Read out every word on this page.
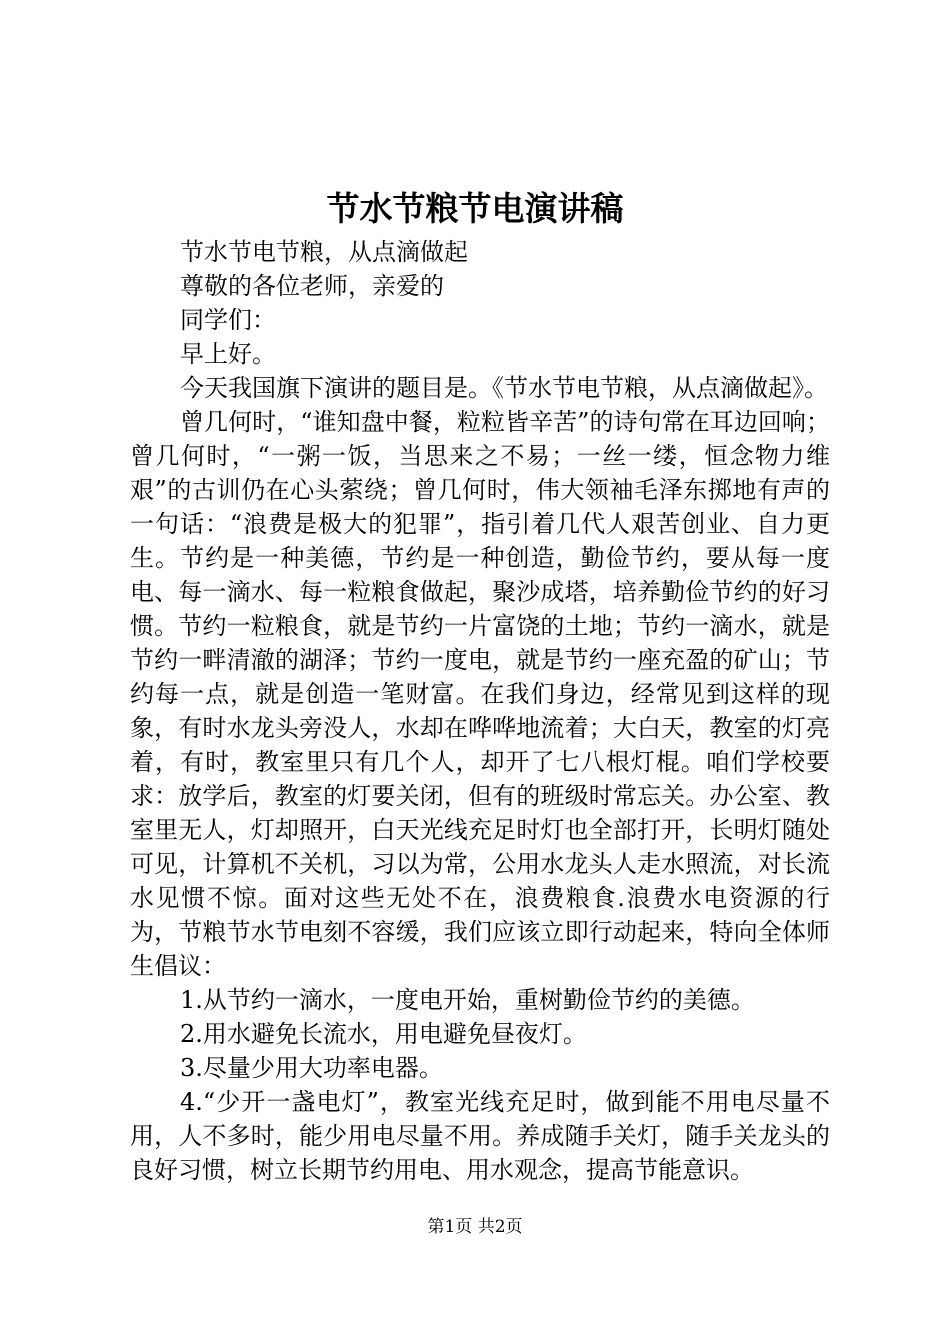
节水节粮节电演讲稿

节水节电节粮，从点滴做起

尊敬的各位老师，亲爱的

同学们：

早上好。

今天我国旗下演讲的题目是。《节水节电节粮，从点滴做起》。

曾几何时，“谁知盘中餐，粒粒皆辛苦”的诗句常在耳边回响；曾几何时，“一粥一饭，当思来之不易；一丝一缕，恒念物力维艰”的古训仍在心头萦绕；曾几何时，伟大领袖毛泽东掷地有声的一句话：“浪费是极大的犯罪”，指引着几代人艰苦创业、自力更生。节约是一种美德，节约是一种创造，勤俭节约，要从每一度电、每一滴水、每一粒粮食做起，聚沙成塔，培养勤俭节约的好习惯。节约一粒粮食，就是节约一片富饶的土地；节约一滴水，就是节约一畔清澈的湖泽；节约一度电，就是节约一座充盈的矿山；节约每一点，就是创造一笔财富。在我们身边，经常见到这样的现象，有时水龙头旁没人，水却在哗哗地流着；大白天，教室的灯亮着，有时，教室里只有几个人，却开了七八根灯棍。咱们学校要求：放学后，教室的灯要关闭，但有的班级时常忘关。办公室、教室里无人，灯却照开，白天光线充足时灯也全部打开，长明灯随处可见，计算机不关机，习以为常，公用水龙头人走水照流，对长流水见惯不惊。面对这些无处不在，浪费粮食.浪费水电资源的行为，节粮节水节电刻不容缓，我们应该立即行动起来，特向全体师生倡议：

1.从节约一滴水，一度电开始，重树勤俭节约的美德。

2.用水避免长流水，用电避免昼夜灯。

3.尽量少用大功率电器。

4.“少开一盏电灯”，教室光线充足时，做到能不用电尽量不用，人不多时，能少用电尽量不用。养成随手关灯，随手关龙头的良好习惯，树立长期节约用电、用水观念，提高节能意识。

第1页 共2页
